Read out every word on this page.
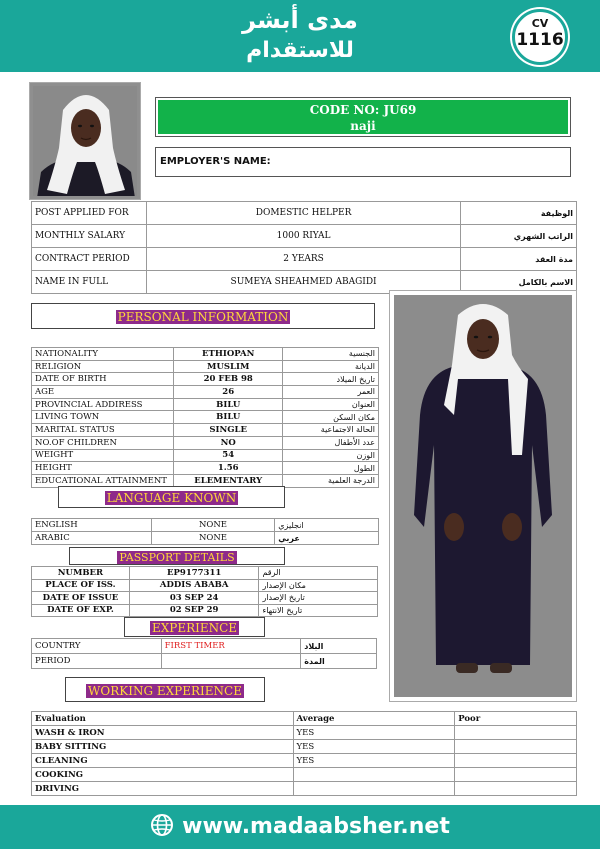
مدى أبشر
للاستقدام
CV
1116
CODE NO: JU69
naji
EMPLOYER'S NAME:
POST APPLIED FOR	DOMESTIC HELPER	الوظيفة
MONTHLY SALARY	1000 RIYAL	الراتب الشهري
CONTRACT PERIOD	2 YEARS	مدة العقد
NAME IN FULL	SUMEYA SHEAHMED ABAGIDI	الاسم بالكامل
PERSONAL INFORMATION
NATIONALITY	ETHIOPAN	الجنسية
RELIGION	MUSLIM	الديانة
DATE OF BIRTH	20 FEB 98	تاريخ الميلاد
AGE	26	العمر
PROVINCIAL ADDIRESS	BILU	العنوان
LIVING TOWN	BILU	مكان السكن
MARITAL STATUS	SINGLE	الحالة الاجتماعية
NO.OF CHILDREN	NO	عدد الأطفال
WEIGHT	54	الوزن
HEIGHT	1.56	الطول
EDUCATIONAL ATTAINMENT	ELEMENTARY	الدرجة العلمية
LANGUAGE KNOWN
ENGLISH	NONE	انجليزي
ARABIC	NONE	عربي
PASSPORT DETAILS
NUMBER	EP9177311	الرقم
PLACE OF ISS.	ADDIS ABABA	مكان الإصدار
DATE OF ISSUE	03 SEP 24	تاريخ الإصدار
DATE OF EXP.	02 SEP 29	تاريخ الانتهاء
EXPERIENCE
COUNTRY	FIRST TIMER	البلاد
PERIOD		المدة
WORKING EXPERIENCE
Evaluation	Average	Poor
WASH & IRON	YES	
BABY SITTING	YES	
CLEANING	YES	
COOKING		
DRIVING		
www.madaabsher.net
